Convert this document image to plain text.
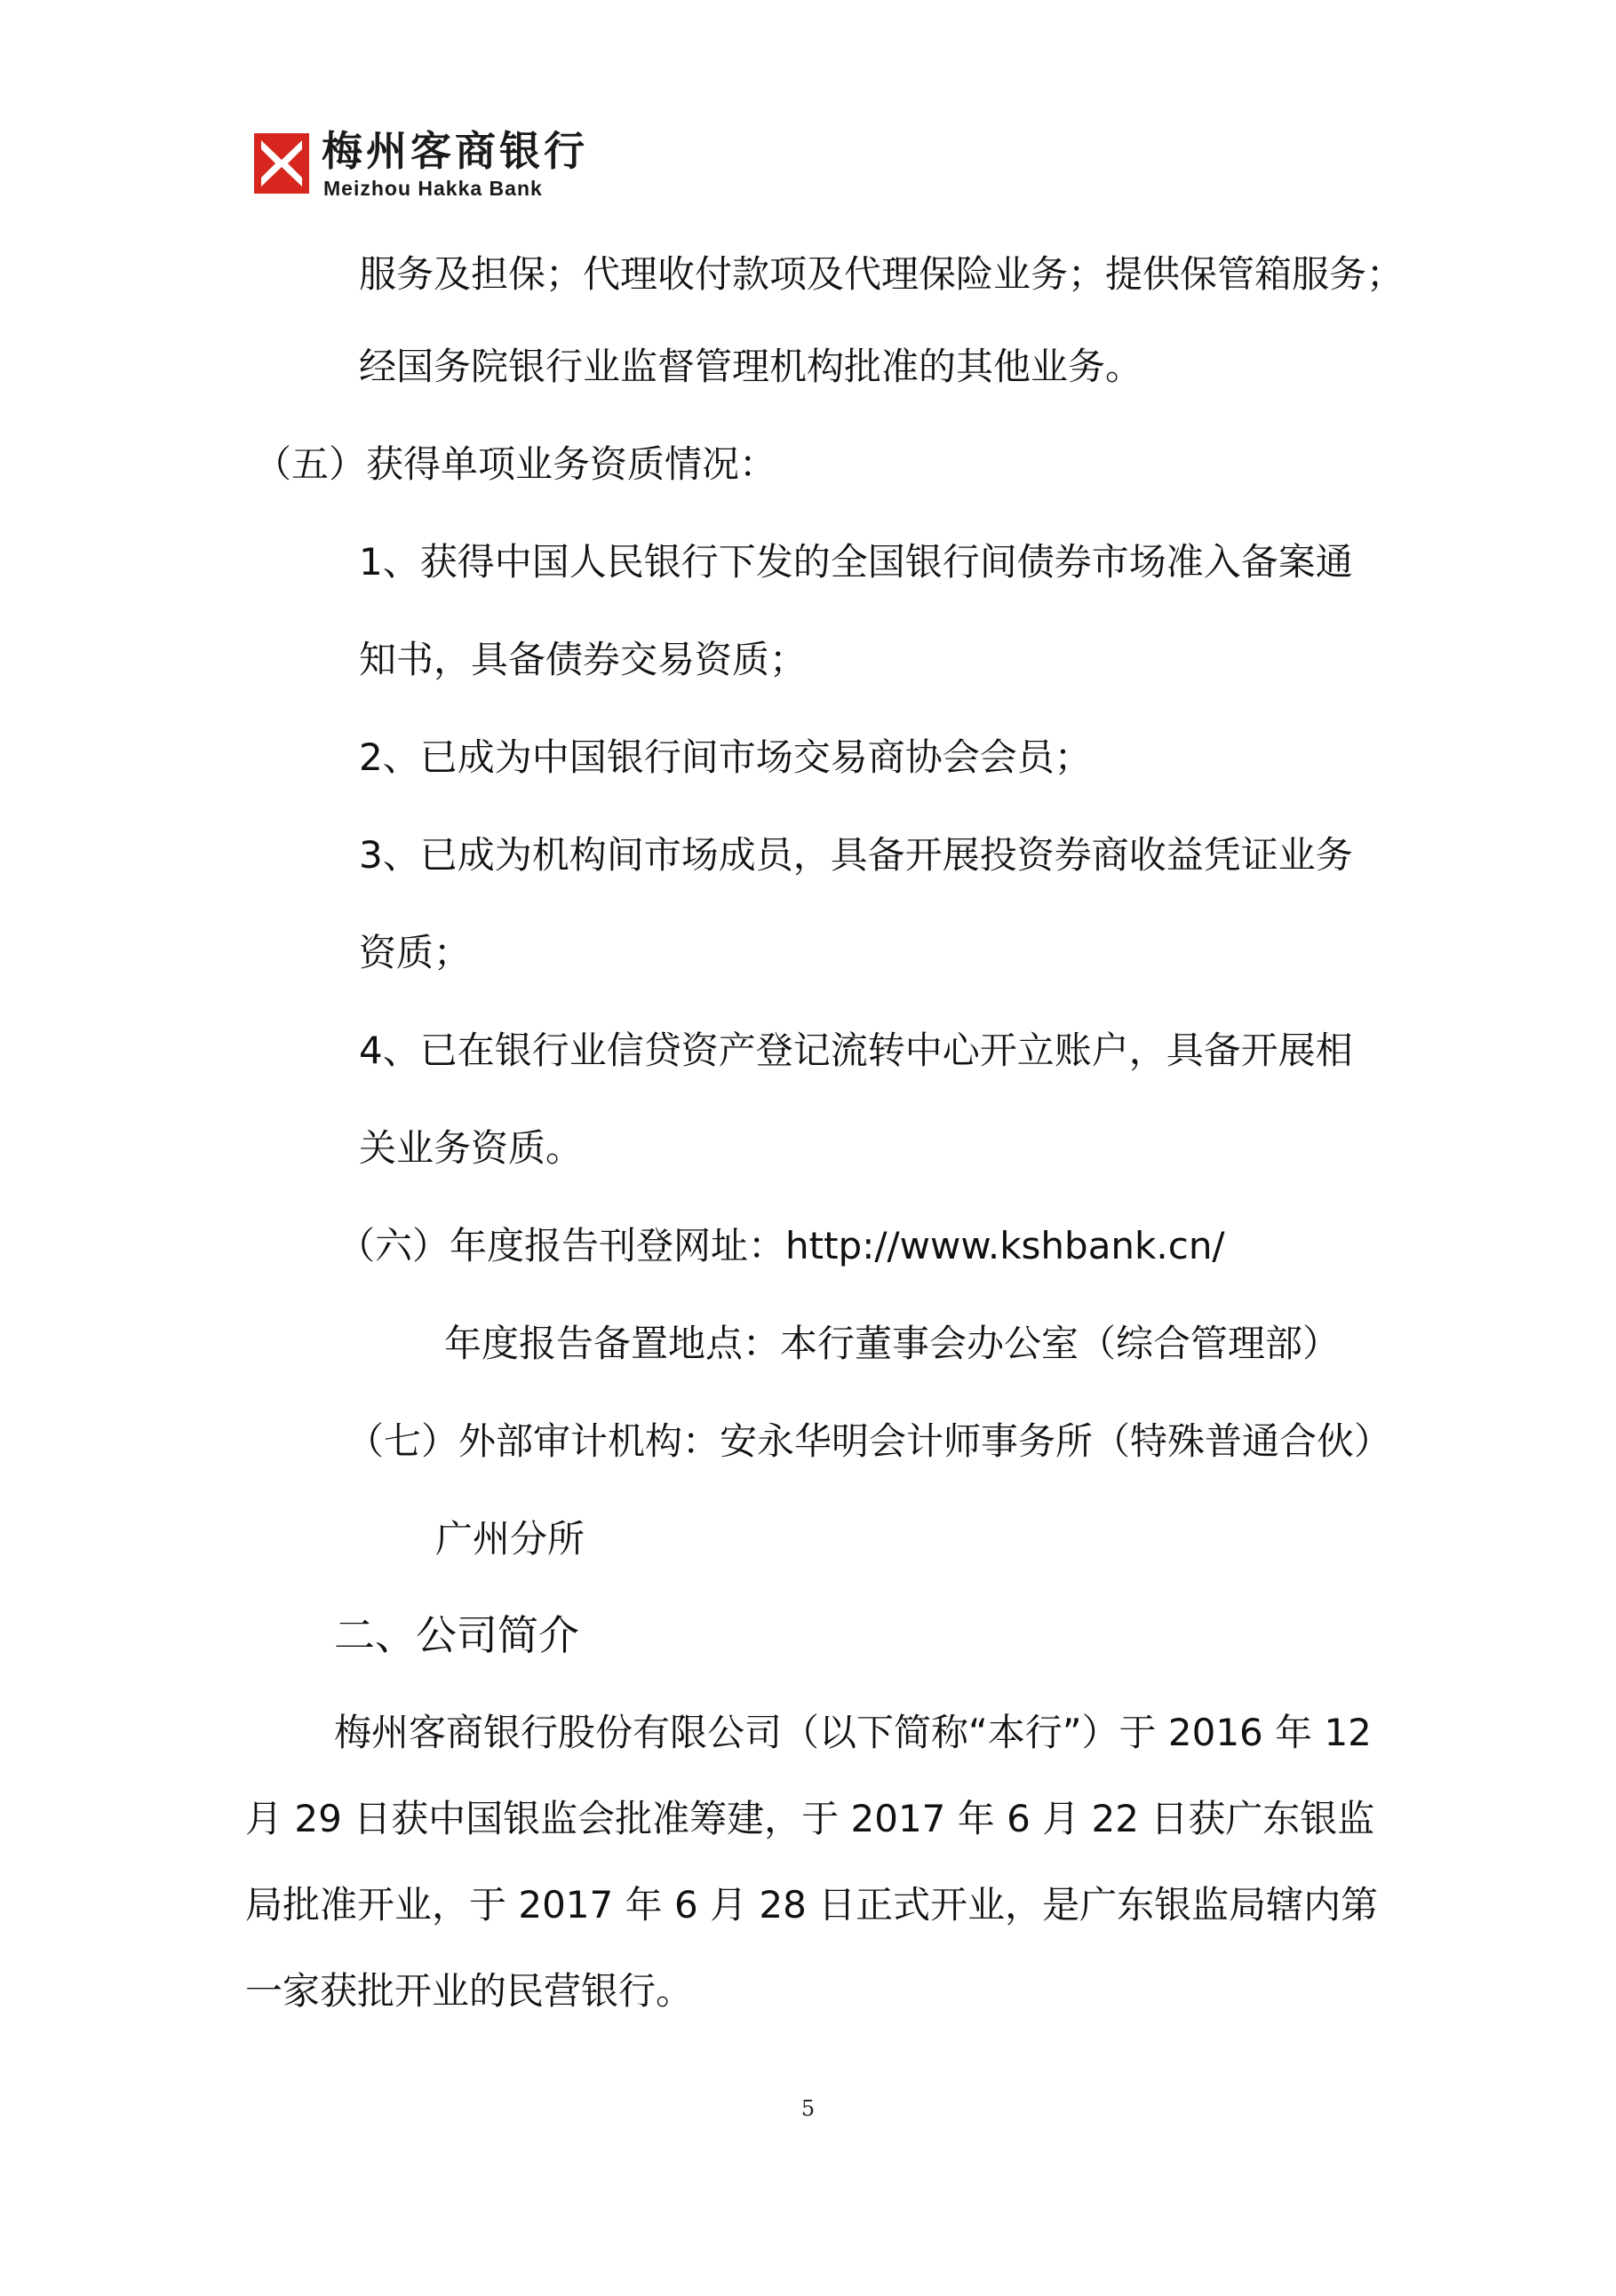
梅州客商银行
Meizhou Hakka Bank

服务及担保；代理收付款项及代理保险业务；提供保管箱服务；

经国务院银行业监督管理机构批准的其他业务。

（五）获得单项业务资质情况：

1、获得中国人民银行下发的全国银行间债券市场准入备案通

知书，具备债券交易资质；

2、已成为中国银行间市场交易商协会会员；

3、已成为机构间市场成员，具备开展投资券商收益凭证业务

资质；

4、已在银行业信贷资产登记流转中心开立账户，具备开展相

关业务资质。

（六）年度报告刊登网址：http://www.kshbank.cn/

年度报告备置地点：本行董事会办公室（综合管理部）

（七）外部审计机构：安永华明会计师事务所（特殊普通合伙）

广州分所

二、公司简介

梅州客商银行股份有限公司（以下简称“本行”）于 2016 年 12

月 29 日获中国银监会批准筹建，于 2017 年 6 月 22 日获广东银监

局批准开业，于 2017 年 6 月 28 日正式开业，是广东银监局辖内第

一家获批开业的民营银行。

5
